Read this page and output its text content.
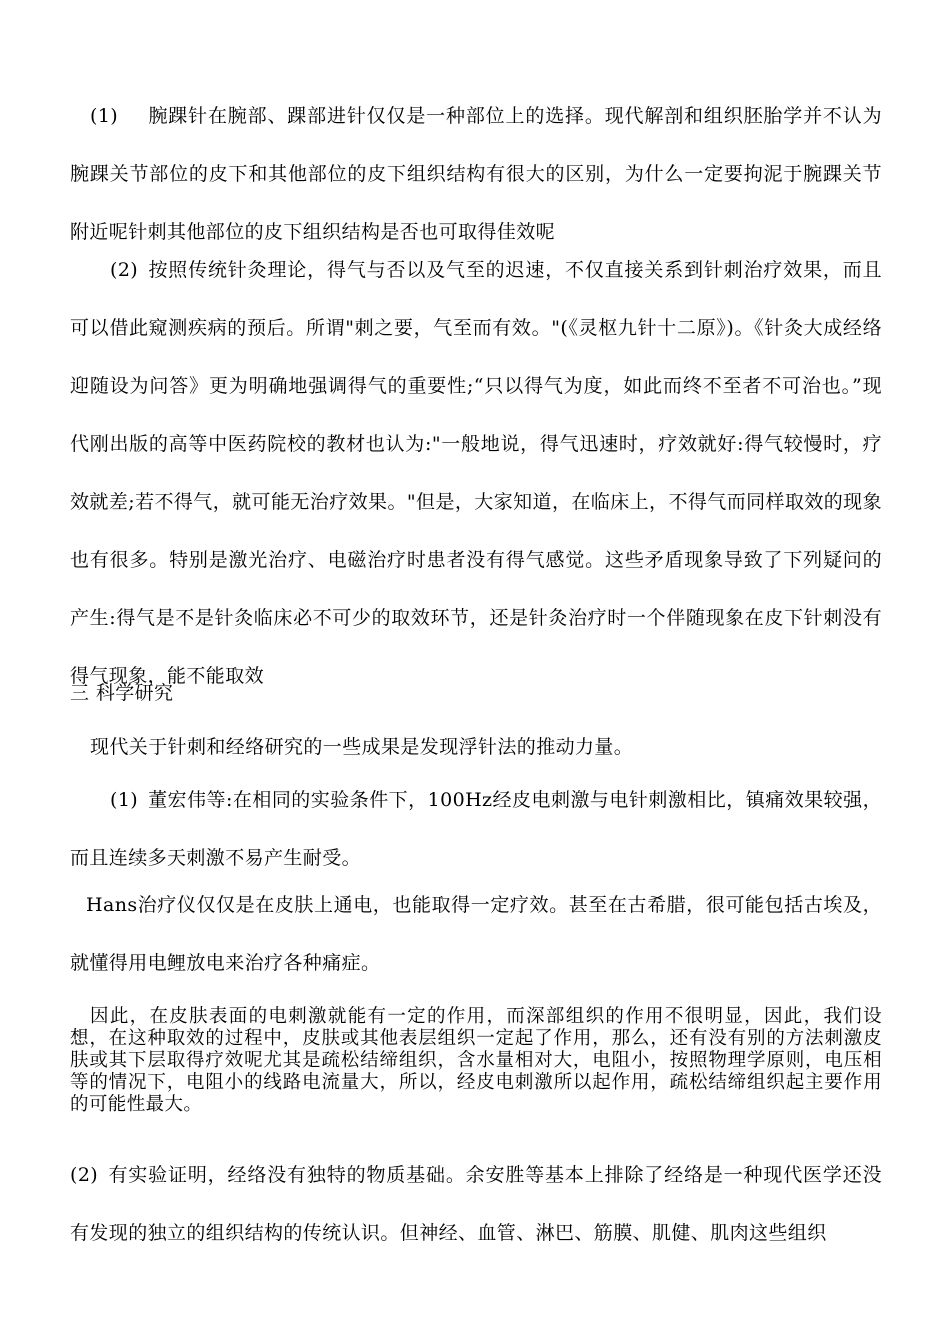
(1) 腕踝针在腕部、踝部进针仅仅是一种部位上的选择。现代解剖和组织胚胎学并不认为腕踝关节部位的皮下和其他部位的皮下组织结构有很大的区别，为什么一定要拘泥于腕踝关节附近呢针刺其他部位的皮下组织结构是否也可取得佳效呢

(2) 按照传统针灸理论，得气与否以及气至的迟速，不仅直接关系到针刺治疗效果，而且可以借此窥测疾病的预后。所谓"刺之要，气至而有效。"(《灵枢九针十二原》)。《针灸大成经络迎随设为问答》更为明确地强调得气的重要性;“只以得气为度，如此而终不至者不可治也。”现代刚出版的高等中医药院校的教材也认为:"一般地说，得气迅速时，疗效就好:得气较慢时，疗效就差;若不得气，就可能无治疗效果。"但是，大家知道，在临床上，不得气而同样取效的现象也有很多。特别是激光治疗、电磁治疗时患者没有得气感觉。这些矛盾现象导致了下列疑问的产生:得气是不是针灸临床必不可少的取效环节，还是针灸治疗时一个伴随现象在皮下针刺没有得气现象，能不能取效

三 科学研究

现代关于针刺和经络研究的一些成果是发现浮针法的推动力量。

(1) 董宏伟等:在相同的实验条件下，100Hz经皮电刺激与电针刺激相比，镇痛效果较强，而且连续多天刺激不易产生耐受。

Hans治疗仪仅仅是在皮肤上通电，也能取得一定疗效。甚至在古希腊，很可能包括古埃及，就懂得用电鲤放电来治疗各种痛症。

因此，在皮肤表面的电刺激就能有一定的作用，而深部组织的作用不很明显，因此，我们设想，在这种取效的过程中，皮肤或其他表层组织一定起了作用，那么，还有没有别的方法刺激皮肤或其下层取得疗效呢尤其是疏松结缔组织，含水量相对大，电阻小，按照物理学原则，电压相等的情况下，电阻小的线路电流量大，所以，经皮电刺激所以起作用，疏松结缔组织起主要作用的可能性最大。

(2) 有实验证明，经络没有独特的物质基础。余安胜等基本上排除了经络是一种现代医学还没有发现的独立的组织结构的传统认识。但神经、血管、淋巴、筋膜、肌健、肌肉这些组织
